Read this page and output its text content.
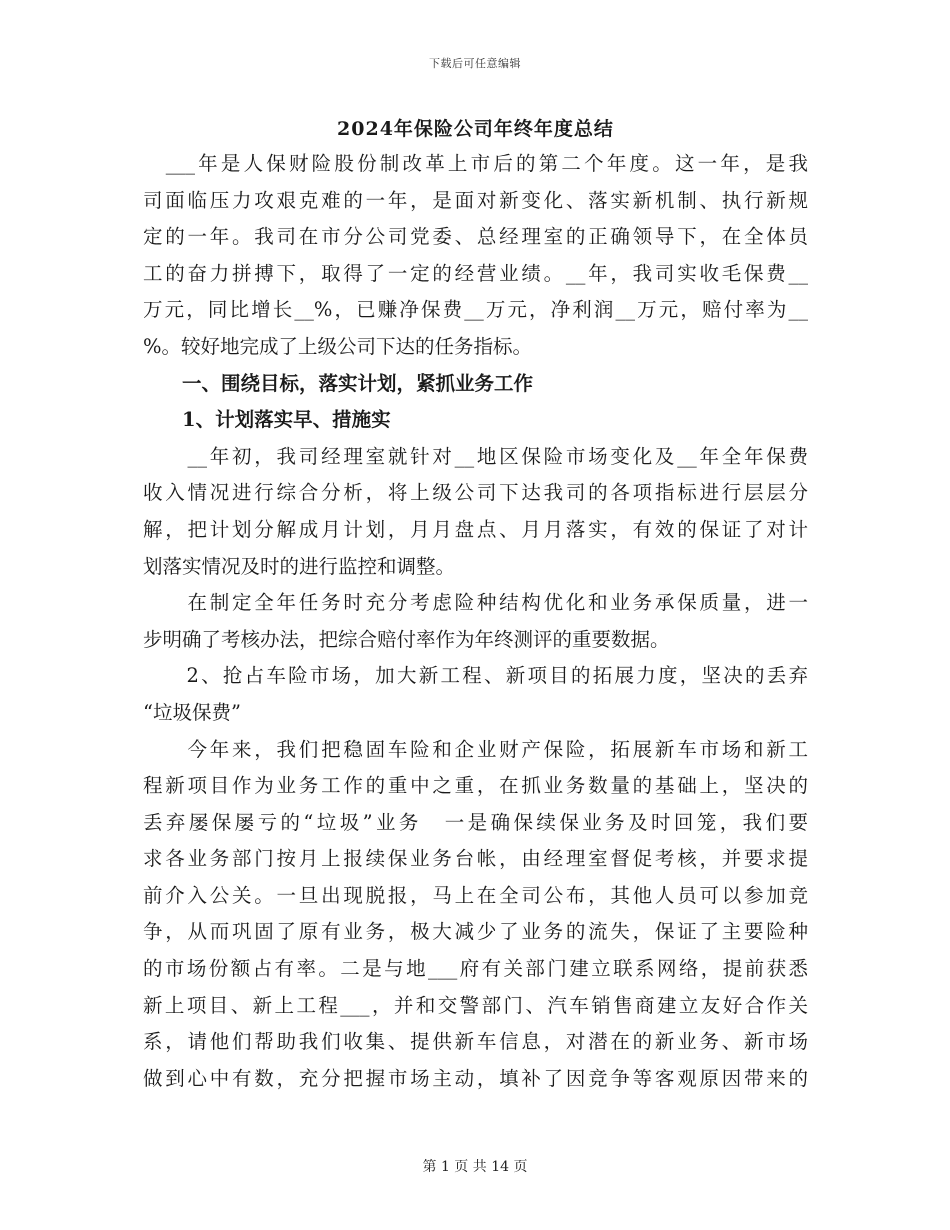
下载后可任意编辑
2024年保险公司年终年度总结
　___年是人保财险股份制改革上市后的第二个年度。这一年，是我
司面临压力攻艰克难的一年，是面对新变化、落实新机制、执行新规
定的一年。我司在市分公司党委、总经理室的正确领导下，在全体员
工的奋力拼搏下，取得了一定的经营业绩。__年，我司实收毛保费__
万元，同比增长__%，已赚净保费__万元，净利润__万元，赔付率为__
%。较好地完成了上级公司下达的任务指标。
　　一、围绕目标，落实计划，紧抓业务工作
　　1、计划落实早、措施实
　　__年初，我司经理室就针对__地区保险市场变化及__年全年保费
收入情况进行综合分析，将上级公司下达我司的各项指标进行层层分
解，把计划分解成月计划，月月盘点、月月落实，有效的保证了对计
划落实情况及时的进行监控和调整。
　　在制定全年任务时充分考虑险种结构优化和业务承保质量，进一
步明确了考核办法，把综合赔付率作为年终测评的重要数据。
　　2、抢占车险市场，加大新工程、新项目的拓展力度，坚决的丢弃
“垃圾保费”
　　今年来，我们把稳固车险和企业财产保险，拓展新车市场和新工
程新项目作为业务工作的重中之重，在抓业务数量的基础上，坚决的
丢弃屡保屡亏的“垃圾”业务　一是确保续保业务及时回笼，我们要
求各业务部门按月上报续保业务台帐，由经理室督促考核，并要求提
前介入公关。一旦出现脱报，马上在全司公布，其他人员可以参加竞
争，从而巩固了原有业务，极大减少了业务的流失，保证了主要险种
的市场份额占有率。二是与地___府有关部门建立联系网络，提前获悉
新上项目、新上工程___，并和交警部门、汽车销售商建立友好合作关
系，请他们帮助我们收集、提供新车信息，对潜在的新业务、新市场
做到心中有数，充分把握市场主动，填补了因竞争等客观原因带来的
第 1 页 共 14 页
